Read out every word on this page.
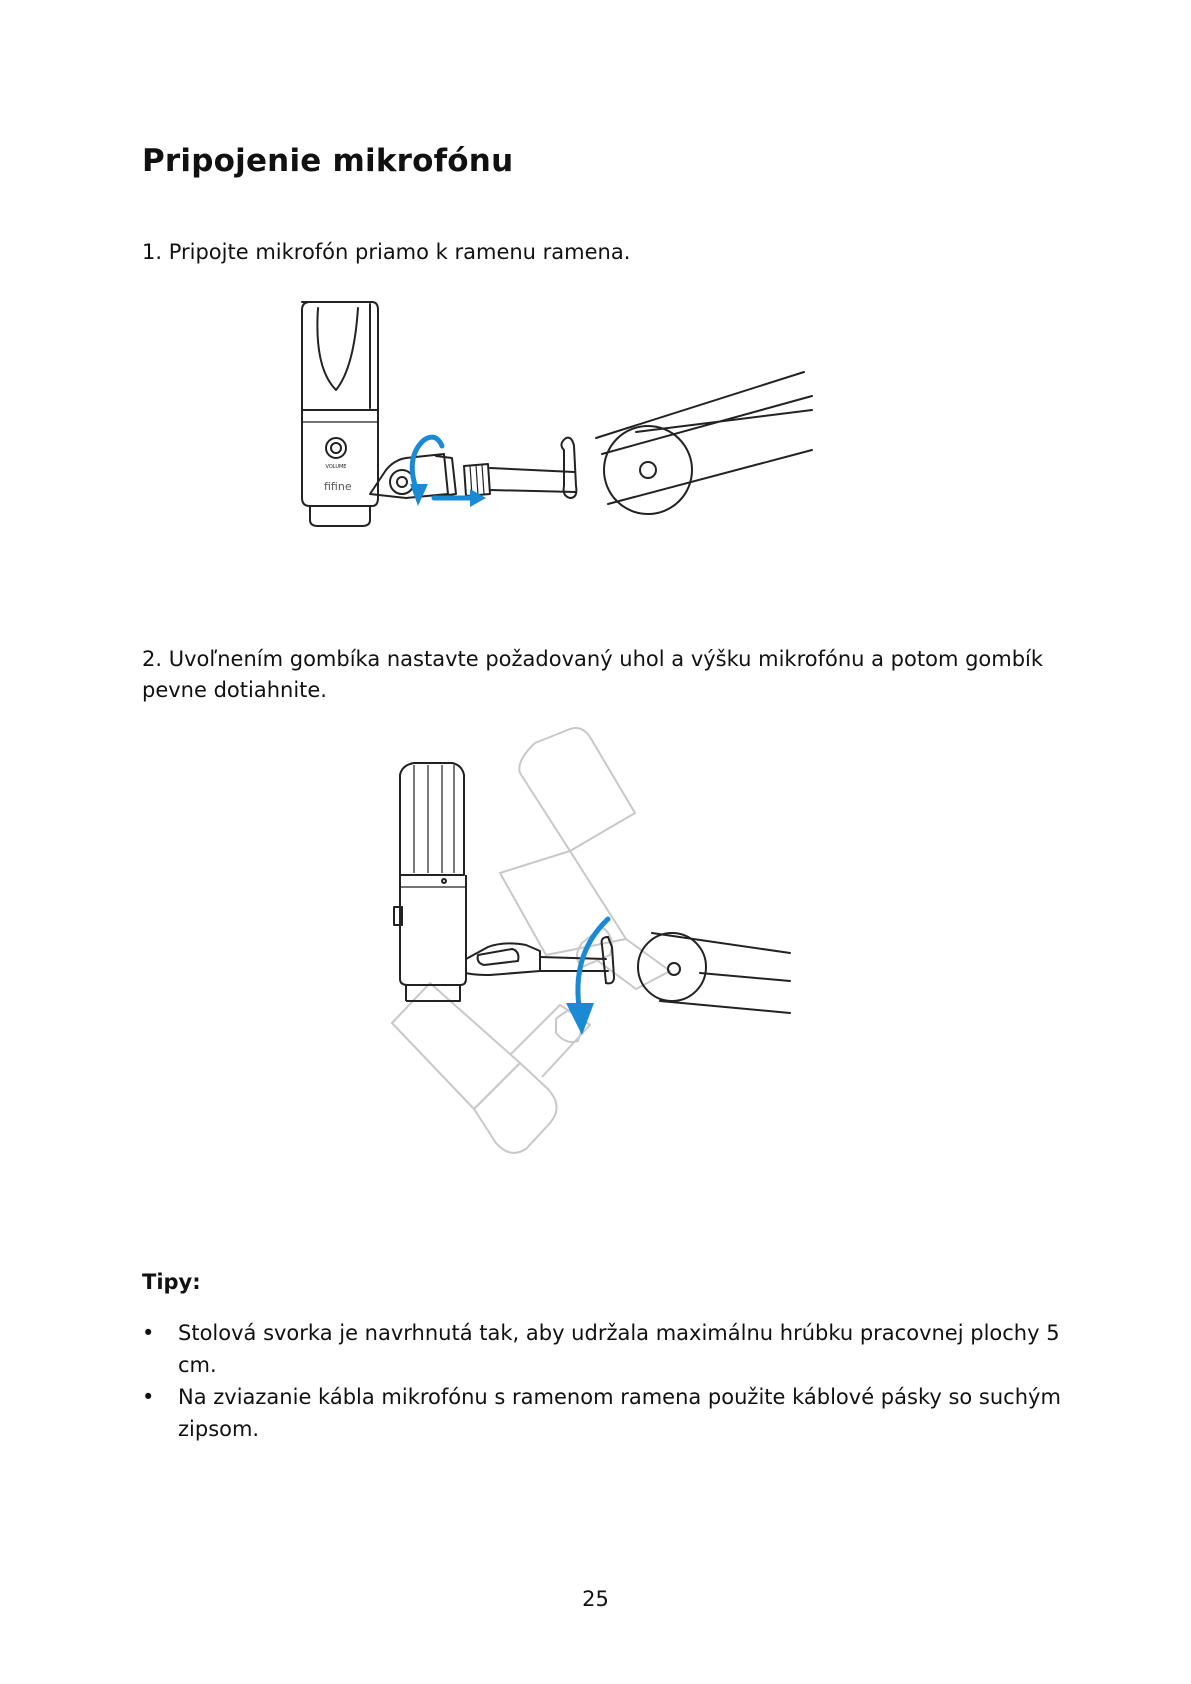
Pripojenie mikrofónu

1. Pripojte mikrofón priamo k ramenu ramena.

VOLUME
fifine

2. Uvoľnením gombíka nastavte požadovaný uhol a výšku mikrofónu a potom gombík pevne dotiahnite.

Tipy:
•	Stolová svorka je navrhnutá tak, aby udržala maximálnu hrúbku pracovnej plochy 5 cm.
•	Na zviazanie kábla mikrofónu s ramenom ramena použite káblové pásky so suchým zipsom.

25
